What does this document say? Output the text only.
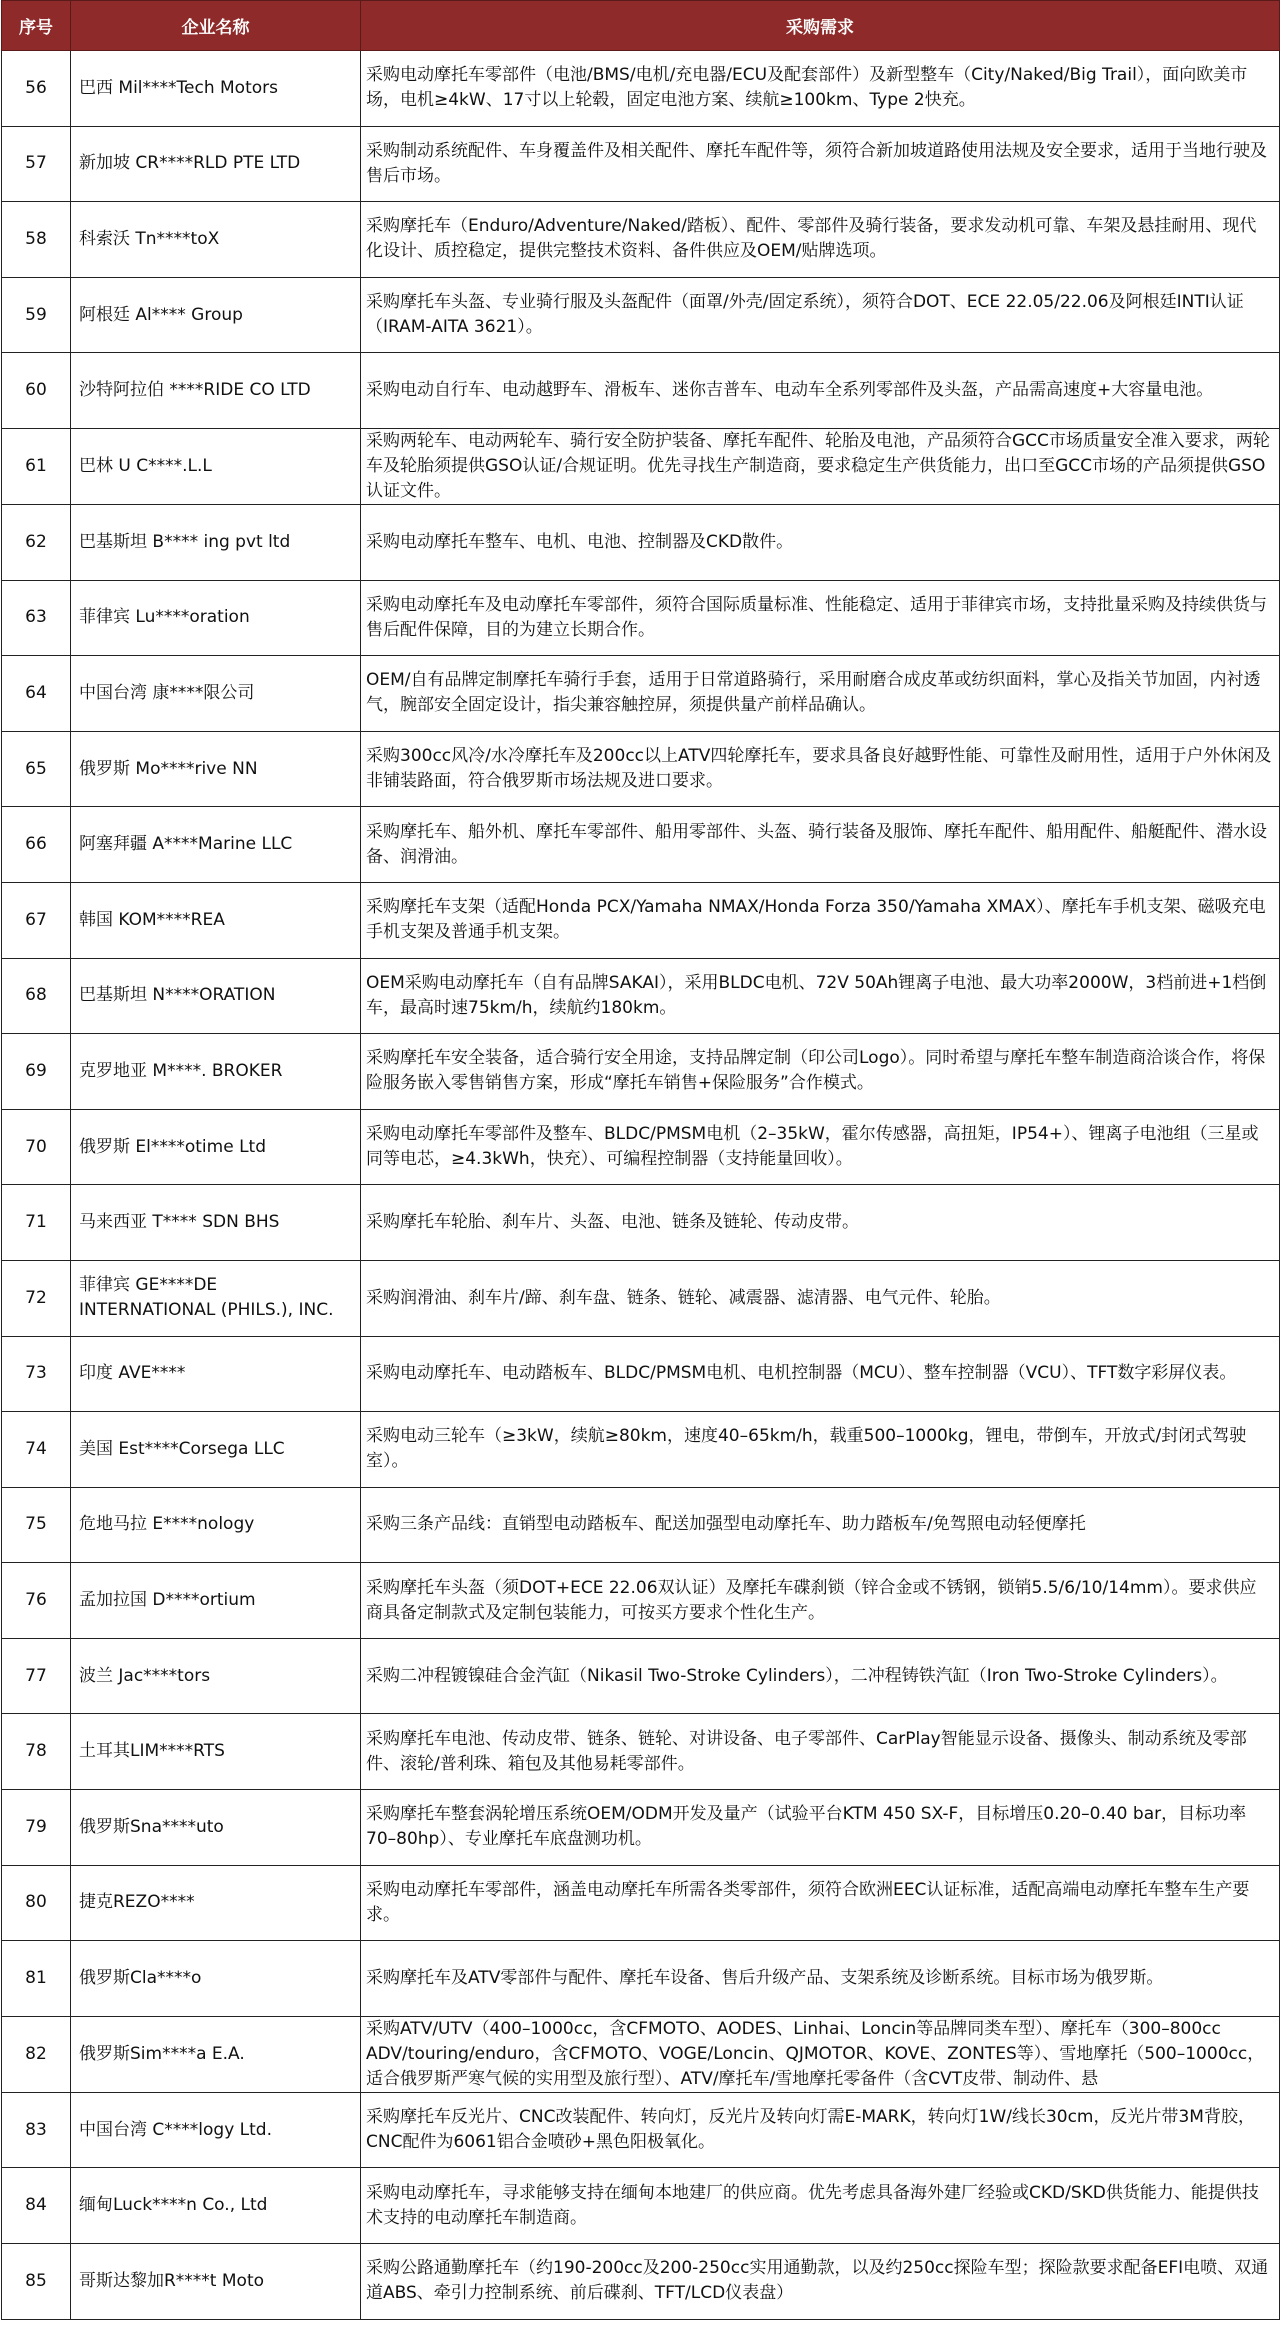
序号	企业名称	采购需求
56	巴西 Mil****Tech Motors	采购电动摩托车零部件（电池/BMS/电机/充电器/ECU及配套部件）及新型整车（City/Naked/Big Trail），面向欧美市场，电机≥4kW、17寸以上轮毂，固定电池方案、续航≥100km、Type 2快充。
57	新加坡 CR****RLD PTE LTD	采购制动系统配件、车身覆盖件及相关配件、摩托车配件等，须符合新加坡道路使用法规及安全要求，适用于当地行驶及售后市场。
58	科索沃 Tn****toX	采购摩托车（Enduro/Adventure/Naked/踏板）、配件、零部件及骑行装备，要求发动机可靠、车架及悬挂耐用、现代化设计、质控稳定，提供完整技术资料、备件供应及OEM/贴牌选项。
59	阿根廷 Al**** Group	采购摩托车头盔、专业骑行服及头盔配件（面罩/外壳/固定系统），须符合DOT、ECE 22.05/22.06及阿根廷INTI认证（IRAM-AITA 3621）。
60	沙特阿拉伯 ****RIDE CO LTD	采购电动自行车、电动越野车、滑板车、迷你吉普车、电动车全系列零部件及头盔，产品需高速度+大容量电池。
61	巴林 U C****.L.L	采购两轮车、电动两轮车、骑行安全防护装备、摩托车配件、轮胎及电池，产品须符合GCC市场质量安全准入要求，两轮车及轮胎须提供GSO认证/合规证明。优先寻找生产制造商，要求稳定生产供货能力，出口至GCC市场的产品须提供GSO认证文件。
62	巴基斯坦 B**** ing pvt ltd	采购电动摩托车整车、电机、电池、控制器及CKD散件。
63	菲律宾 Lu****oration	采购电动摩托车及电动摩托车零部件，须符合国际质量标准、性能稳定、适用于菲律宾市场，支持批量采购及持续供货与售后配件保障，目的为建立长期合作。
64	中国台湾 康****限公司	OEM/自有品牌定制摩托车骑行手套，适用于日常道路骑行，采用耐磨合成皮革或纺织面料，掌心及指关节加固，内衬透气，腕部安全固定设计，指尖兼容触控屏，须提供量产前样品确认。
65	俄罗斯 Mo****rive NN	采购300cc风冷/水冷摩托车及200cc以上ATV四轮摩托车，要求具备良好越野性能、可靠性及耐用性，适用于户外休闲及非铺装路面，符合俄罗斯市场法规及进口要求。
66	阿塞拜疆 A****Marine LLC	采购摩托车、船外机、摩托车零部件、船用零部件、头盔、骑行装备及服饰、摩托车配件、船用配件、船艇配件、潜水设备、润滑油。
67	韩国 KOM****REA	采购摩托车支架（适配Honda PCX/Yamaha NMAX/Honda Forza 350/Yamaha XMAX）、摩托车手机支架、磁吸充电手机支架及普通手机支架。
68	巴基斯坦 N****ORATION	OEM采购电动摩托车（自有品牌SAKAI），采用BLDC电机、72V 50Ah锂离子电池、最大功率2000W，3档前进+1档倒车，最高时速75km/h，续航约180km。
69	克罗地亚 M****. BROKER	采购摩托车安全装备，适合骑行安全用途，支持品牌定制（印公司Logo）。同时希望与摩托车整车制造商洽谈合作，将保险服务嵌入零售销售方案，形成“摩托车销售+保险服务”合作模式。
70	俄罗斯 El****otime Ltd	采购电动摩托车零部件及整车、BLDC/PMSM电机（2–35kW，霍尔传感器，高扭矩，IP54+）、锂离子电池组（三星或同等电芯，≥4.3kWh，快充）、可编程控制器（支持能量回收）。
71	马来西亚 T**** SDN BHS	采购摩托车轮胎、刹车片、头盔、电池、链条及链轮、传动皮带。
72	菲律宾 GE****DE INTERNATIONAL (PHILS.), INC.	采购润滑油、刹车片/蹄、刹车盘、链条、链轮、减震器、滤清器、电气元件、轮胎。
73	印度 AVE****	采购电动摩托车、电动踏板车、BLDC/PMSM电机、电机控制器（MCU）、整车控制器（VCU）、TFT数字彩屏仪表。
74	美国 Est****Corsega LLC	采购电动三轮车（≥3kW，续航≥80km，速度40–65km/h，载重500–1000kg，锂电，带倒车，开放式/封闭式驾驶室）。
75	危地马拉 E****nology	采购三条产品线：直销型电动踏板车、配送加强型电动摩托车、助力踏板车/免驾照电动轻便摩托
76	孟加拉国 D****ortium	采购摩托车头盔（须DOT+ECE 22.06双认证）及摩托车碟刹锁（锌合金或不锈钢，锁销5.5/6/10/14mm）。要求供应商具备定制款式及定制包装能力，可按买方要求个性化生产。
77	波兰 Jac****tors	采购二冲程镀镍硅合金汽缸（Nikasil Two-Stroke Cylinders），二冲程铸铁汽缸（Iron Two-Stroke Cylinders）。
78	土耳其LIM****RTS	采购摩托车电池、传动皮带、链条、链轮、对讲设备、电子零部件、CarPlay智能显示设备、摄像头、制动系统及零部件、滚轮/普利珠、箱包及其他易耗零部件。
79	俄罗斯Sna****uto	采购摩托车整套涡轮增压系统OEM/ODM开发及量产（试验平台KTM 450 SX-F，目标增压0.20–0.40 bar，目标功率70–80hp）、专业摩托车底盘测功机。
80	捷克REZO****	采购电动摩托车零部件，涵盖电动摩托车所需各类零部件，须符合欧洲EEC认证标准，适配高端电动摩托车整车生产要求。
81	俄罗斯Cla****o	采购摩托车及ATV零部件与配件、摩托车设备、售后升级产品、支架系统及诊断系统。目标市场为俄罗斯。
82	俄罗斯Sim****a E.A.	采购ATV/UTV（400–1000cc，含CFMOTO、AODES、Linhai、Loncin等品牌同类车型）、摩托车（300–800cc ADV/touring/enduro，含CFMOTO、VOGE/Loncin、QJMOTOR、KOVE、ZONTES等）、雪地摩托（500–1000cc，适合俄罗斯严寒气候的实用型及旅行型）、ATV/摩托车/雪地摩托零备件（含CVT皮带、制动件、悬
83	中国台湾 C****logy Ltd.	采购摩托车反光片、CNC改装配件、转向灯，反光片及转向灯需E-MARK，转向灯1W/线长30cm，反光片带3M背胶，CNC配件为6061铝合金喷砂+黑色阳极氧化。
84	缅甸Luck****n Co., Ltd	采购电动摩托车，寻求能够支持在缅甸本地建厂的供应商。优先考虑具备海外建厂经验或CKD/SKD供货能力、能提供技术支持的电动摩托车制造商。
85	哥斯达黎加R****t Moto	采购公路通勤摩托车（约190-200cc及200-250cc实用通勤款，以及约250cc探险车型；探险款要求配备EFI电喷、双通道ABS、牵引力控制系统、前后碟刹、TFT/LCD仪表盘）
